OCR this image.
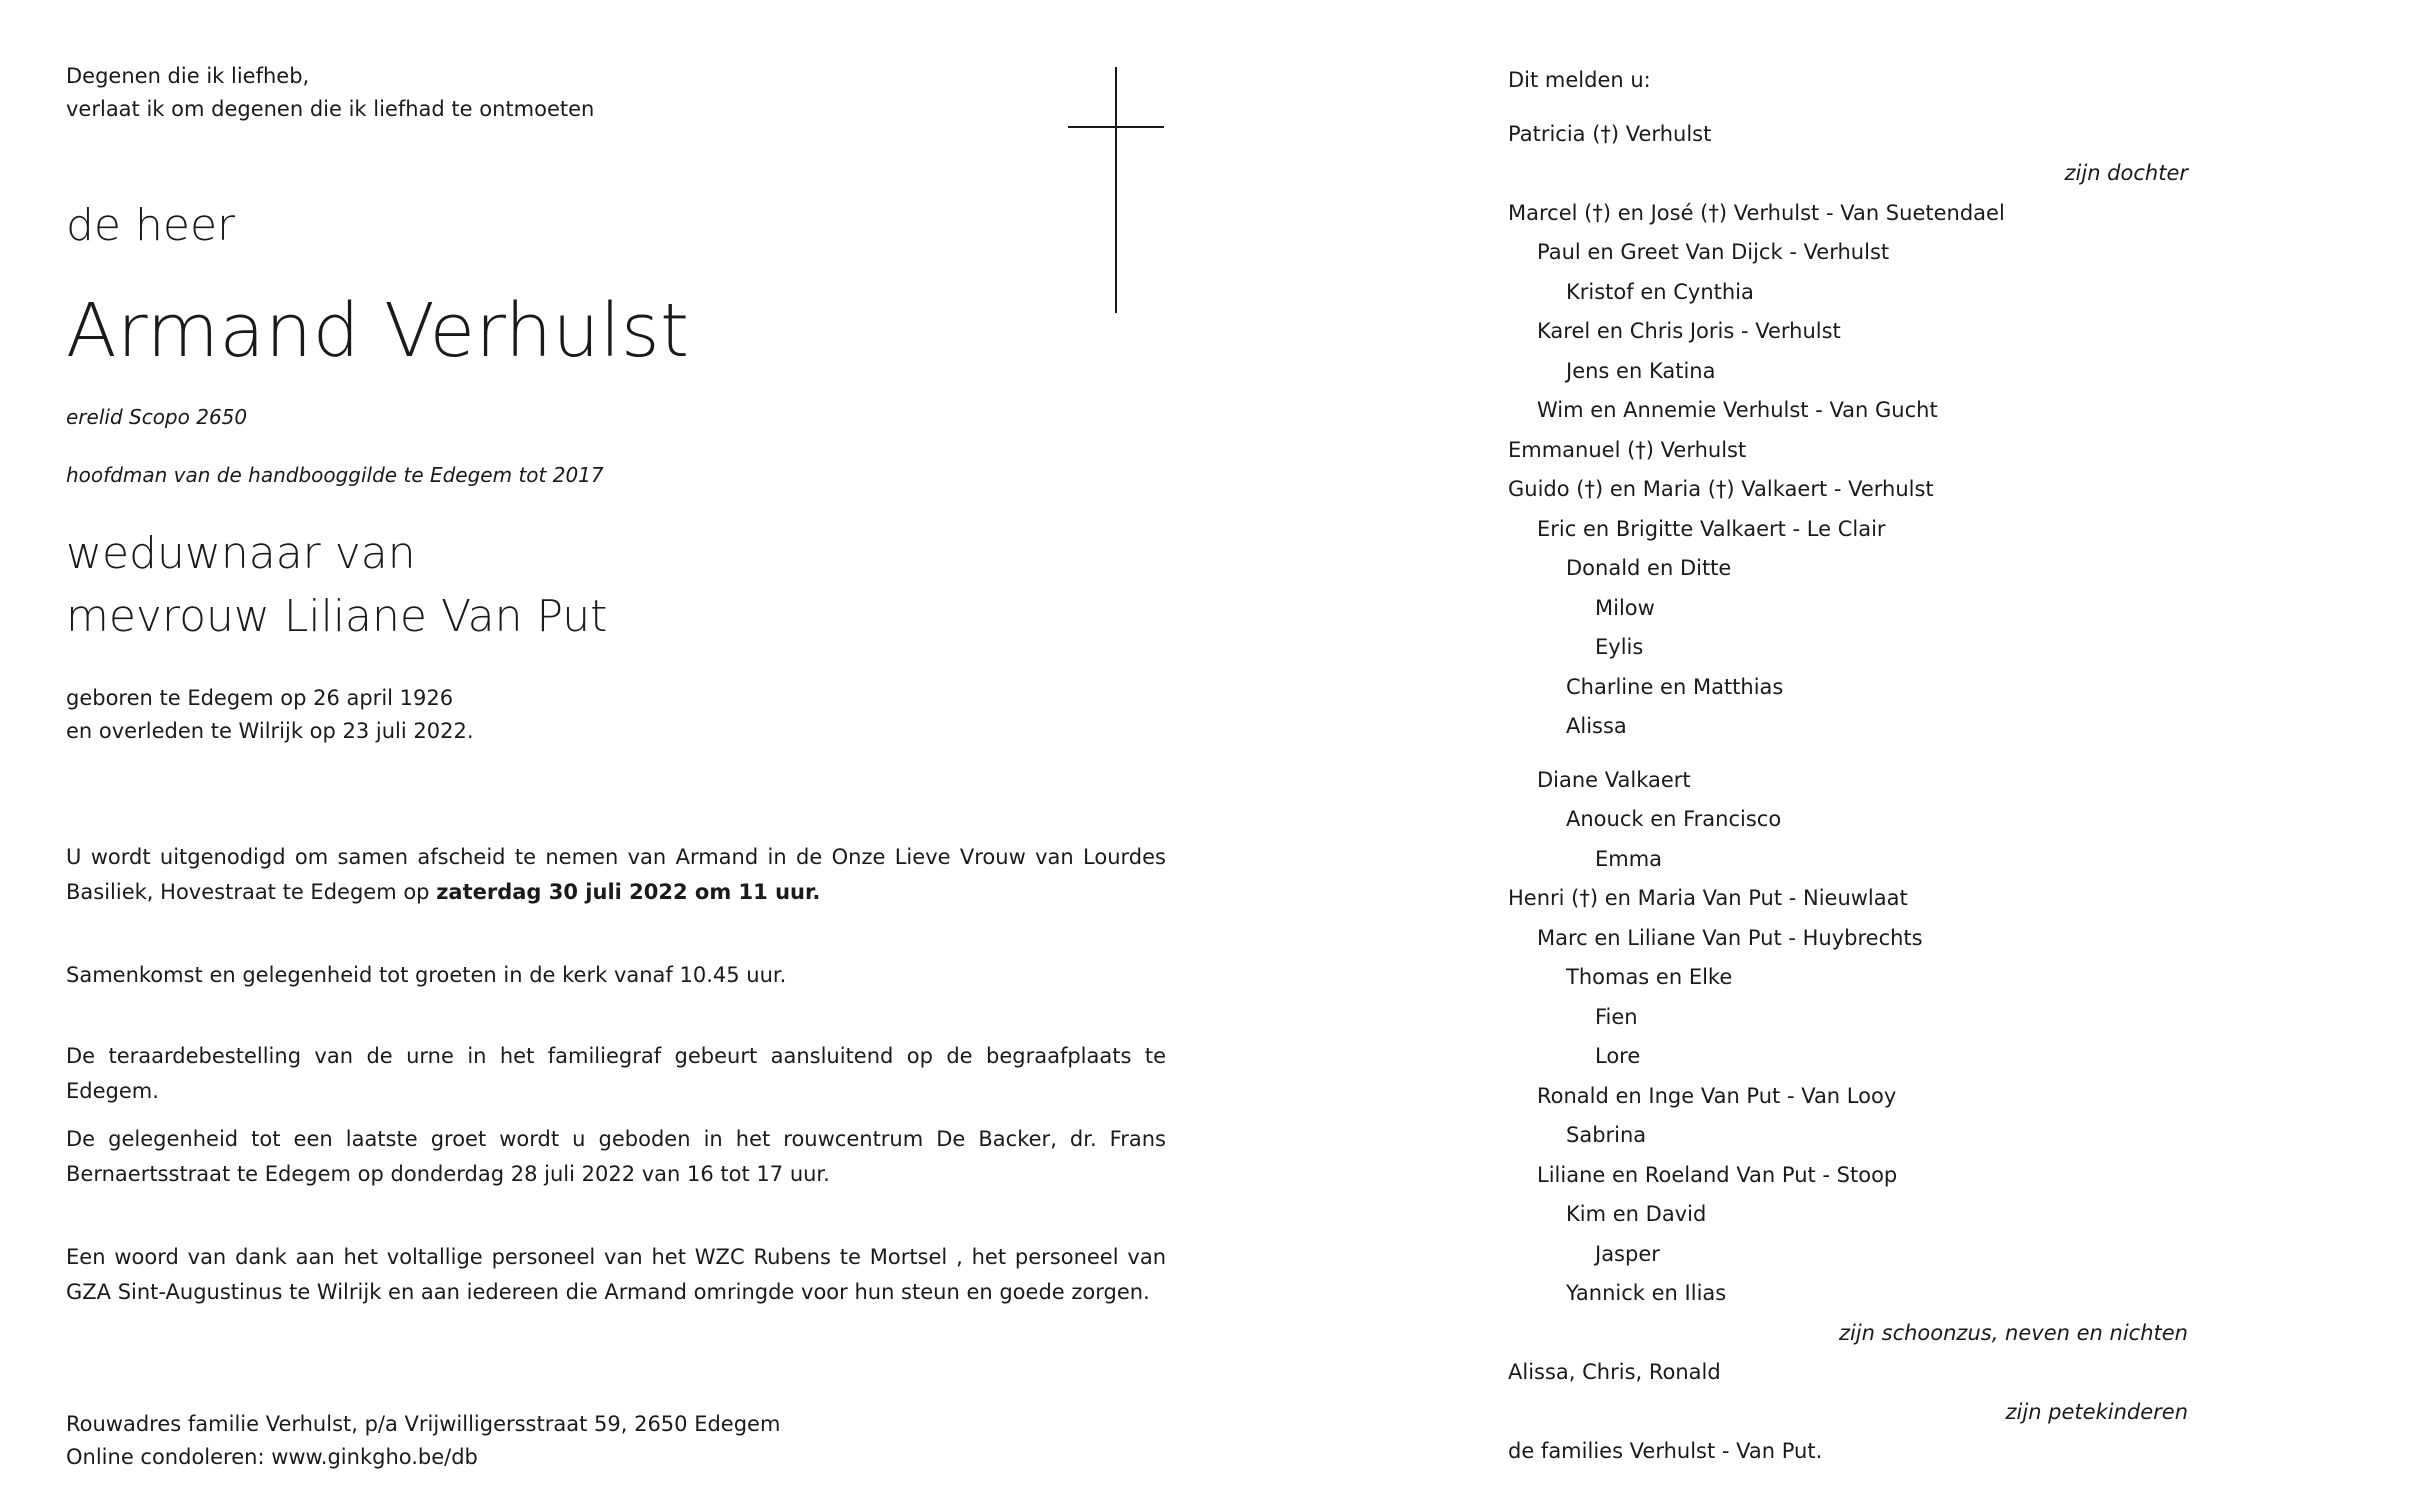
Degenen die ik liefheb,
verlaat ik om degenen die ik liefhad te ontmoeten

de heer

Armand Verhulst

erelid Scopo 2650

hoofdman van de handbooggilde te Edegem tot 2017

weduwnaar van
mevrouw Liliane Van Put

geboren te Edegem op 26 april 1926
en overleden te Wilrijk op 23 juli 2022.

U wordt uitgenodigd om samen afscheid te nemen van Armand in de Onze Lieve Vrouw van Lourdes Basiliek, Hovestraat te Edegem op zaterdag 30 juli 2022 om 11 uur.

Samenkomst en gelegenheid tot groeten in de kerk vanaf 10.45 uur.

De teraardebestelling van de urne in het familiegraf gebeurt aansluitend op de begraafplaats te Edegem.

De gelegenheid tot een laatste groet wordt u geboden in het rouwcentrum De Backer, dr. Frans Bernaertsstraat te Edegem op donderdag 28 juli 2022 van 16 tot 17 uur.

Een woord van dank aan het voltallige personeel van het WZC Rubens te Mortsel , het personeel van GZA Sint-Augustinus te Wilrijk en aan iedereen die Armand omringde voor hun steun en goede zorgen.

Rouwadres familie Verhulst, p/a Vrijwilligersstraat 59, 2650 Edegem
Online condoleren: www.ginkgho.be/db

Dit melden u:
Patricia (†) Verhulst
zijn dochter
Marcel (†) en José (†) Verhulst - Van Suetendael
Paul en Greet Van Dijck - Verhulst
Kristof en Cynthia
Karel en Chris Joris - Verhulst
Jens en Katina
Wim en Annemie Verhulst - Van Gucht
Emmanuel (†) Verhulst
Guido (†) en Maria (†) Valkaert - Verhulst
Eric en Brigitte Valkaert - Le Clair
Donald en Ditte
Milow
Eylis
Charline en Matthias
Alissa
Diane Valkaert
Anouck en Francisco
Emma
Henri (†) en Maria Van Put - Nieuwlaat
Marc en Liliane Van Put - Huybrechts
Thomas en Elke
Fien
Lore
Ronald en Inge Van Put - Van Looy
Sabrina
Liliane en Roeland Van Put - Stoop
Kim en David
Jasper
Yannick en Ilias
zijn schoonzus, neven en nichten
Alissa, Chris, Ronald
zijn petekinderen
de families Verhulst - Van Put.
